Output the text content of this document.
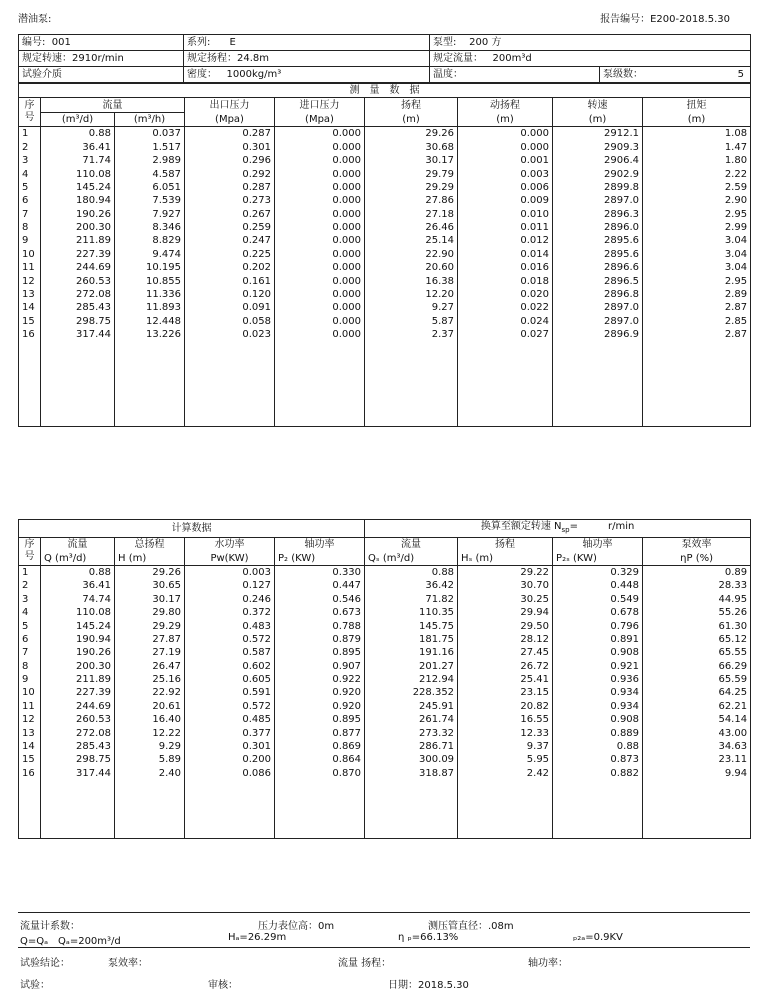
潜油泵:	报告编号：E200-2018.5.30
编号: 001	系列: E	泵型: 200 方	
规定转速：2910r/min	规定扬程：24.8m	规定流量： 200m³d	
试验介质	密度： 1000kg/m³	温度：	泵级数： 5
测　量　数　据								
序号	流量		出口压力	进口压力	扬程	动扬程	转速	扭矩
	(m³/d)	(m³/h)	(Mpa)	(Mpa)	(m)	(m)	(m)	(m)
1	0.88	0.037	0.287	0.000	29.26	0.000	2912.1	1.08
2	36.41	1.517	0.301	0.000	30.68	0.000	2909.3	1.47
3	71.74	2.989	0.296	0.000	30.17	0.001	2906.4	1.80
4	110.08	4.587	0.292	0.000	29.79	0.003	2902.9	2.22
5	145.24	6.051	0.287	0.000	29.29	0.006	2899.8	2.59
6	180.94	7.539	0.273	0.000	27.86	0.009	2897.0	2.90
7	190.26	7.927	0.267	0.000	27.18	0.010	2896.3	2.95
8	200.30	8.346	0.259	0.000	26.46	0.011	2896.0	2.99
9	211.89	8.829	0.247	0.000	25.14	0.012	2895.6	3.04
10	227.39	9.474	0.225	0.000	22.90	0.014	2895.6	3.04
11	244.69	10.195	0.202	0.000	20.60	0.016	2896.6	3.04
12	260.53	10.855	0.161	0.000	16.38	0.018	2896.5	2.95
13	272.08	11.336	0.120	0.000	12.20	0.020	2896.8	2.89
14	285.43	11.893	0.091	0.000	9.27	0.022	2897.0	2.87
15	298.75	12.448	0.058	0.000	5.87	0.024	2897.0	2.85
16	317.44	13.226	0.023	0.000	2.37	0.027	2896.9	2.87

计算数据					换算至额定转速 $N_{sp}=$　　　r/min			
序号	流量	总扬程	水功率	轴功率	流量	扬程	轴功率	泵效率
	Q (m³/d)	H (m)	Pw(KW)	P₂ (KW)	Qₛ (m³/d)	Hₛ (m)	P₂ₛ (KW)	ηP (%)
1	0.88	29.26	0.003	0.330	0.88	29.22	0.329	0.89
2	36.41	30.65	0.127	0.447	36.42	30.70	0.448	28.33
3	74.74	30.17	0.246	0.546	71.82	30.25	0.549	44.95
4	110.08	29.80	0.372	0.673	110.35	29.94	0.678	55.26
5	145.24	29.29	0.483	0.788	145.75	29.50	0.796	61.30
6	190.94	27.87	0.572	0.879	181.75	28.12	0.891	65.12
7	190.26	27.19	0.587	0.895	191.16	27.45	0.908	65.55
8	200.30	26.47	0.602	0.907	201.27	26.72	0.921	66.29
9	211.89	25.16	0.605	0.922	212.94	25.41	0.936	65.59
10	227.39	22.92	0.591	0.920	228.352	23.15	0.934	64.25
11	244.69	20.61	0.572	0.920	245.91	20.82	0.934	62.21
12	260.53	16.40	0.485	0.895	261.74	16.55	0.908	54.14
13	272.08	12.22	0.377	0.877	273.32	12.33	0.889	43.00
14	285.43	9.29	0.301	0.869	286.71	9.37	0.88	34.63
15	298.75	5.89	0.200	0.864	300.09	5.95	0.873	23.11
16	317.44	2.40	0.086	0.870	318.87	2.42	0.882	9.94

流量计系数：	压力表位高：0m	测压管直径：.08m
Q=Qₐ　Qₐ=200m³/d	Hₐ=26.29m	η ₚ=66.13%	ₚ₂ₐ=0.9KV
试验结论：	泵效率：	流量 扬程：	轴功率：
试验：	审核：	日期：2018.5.30
